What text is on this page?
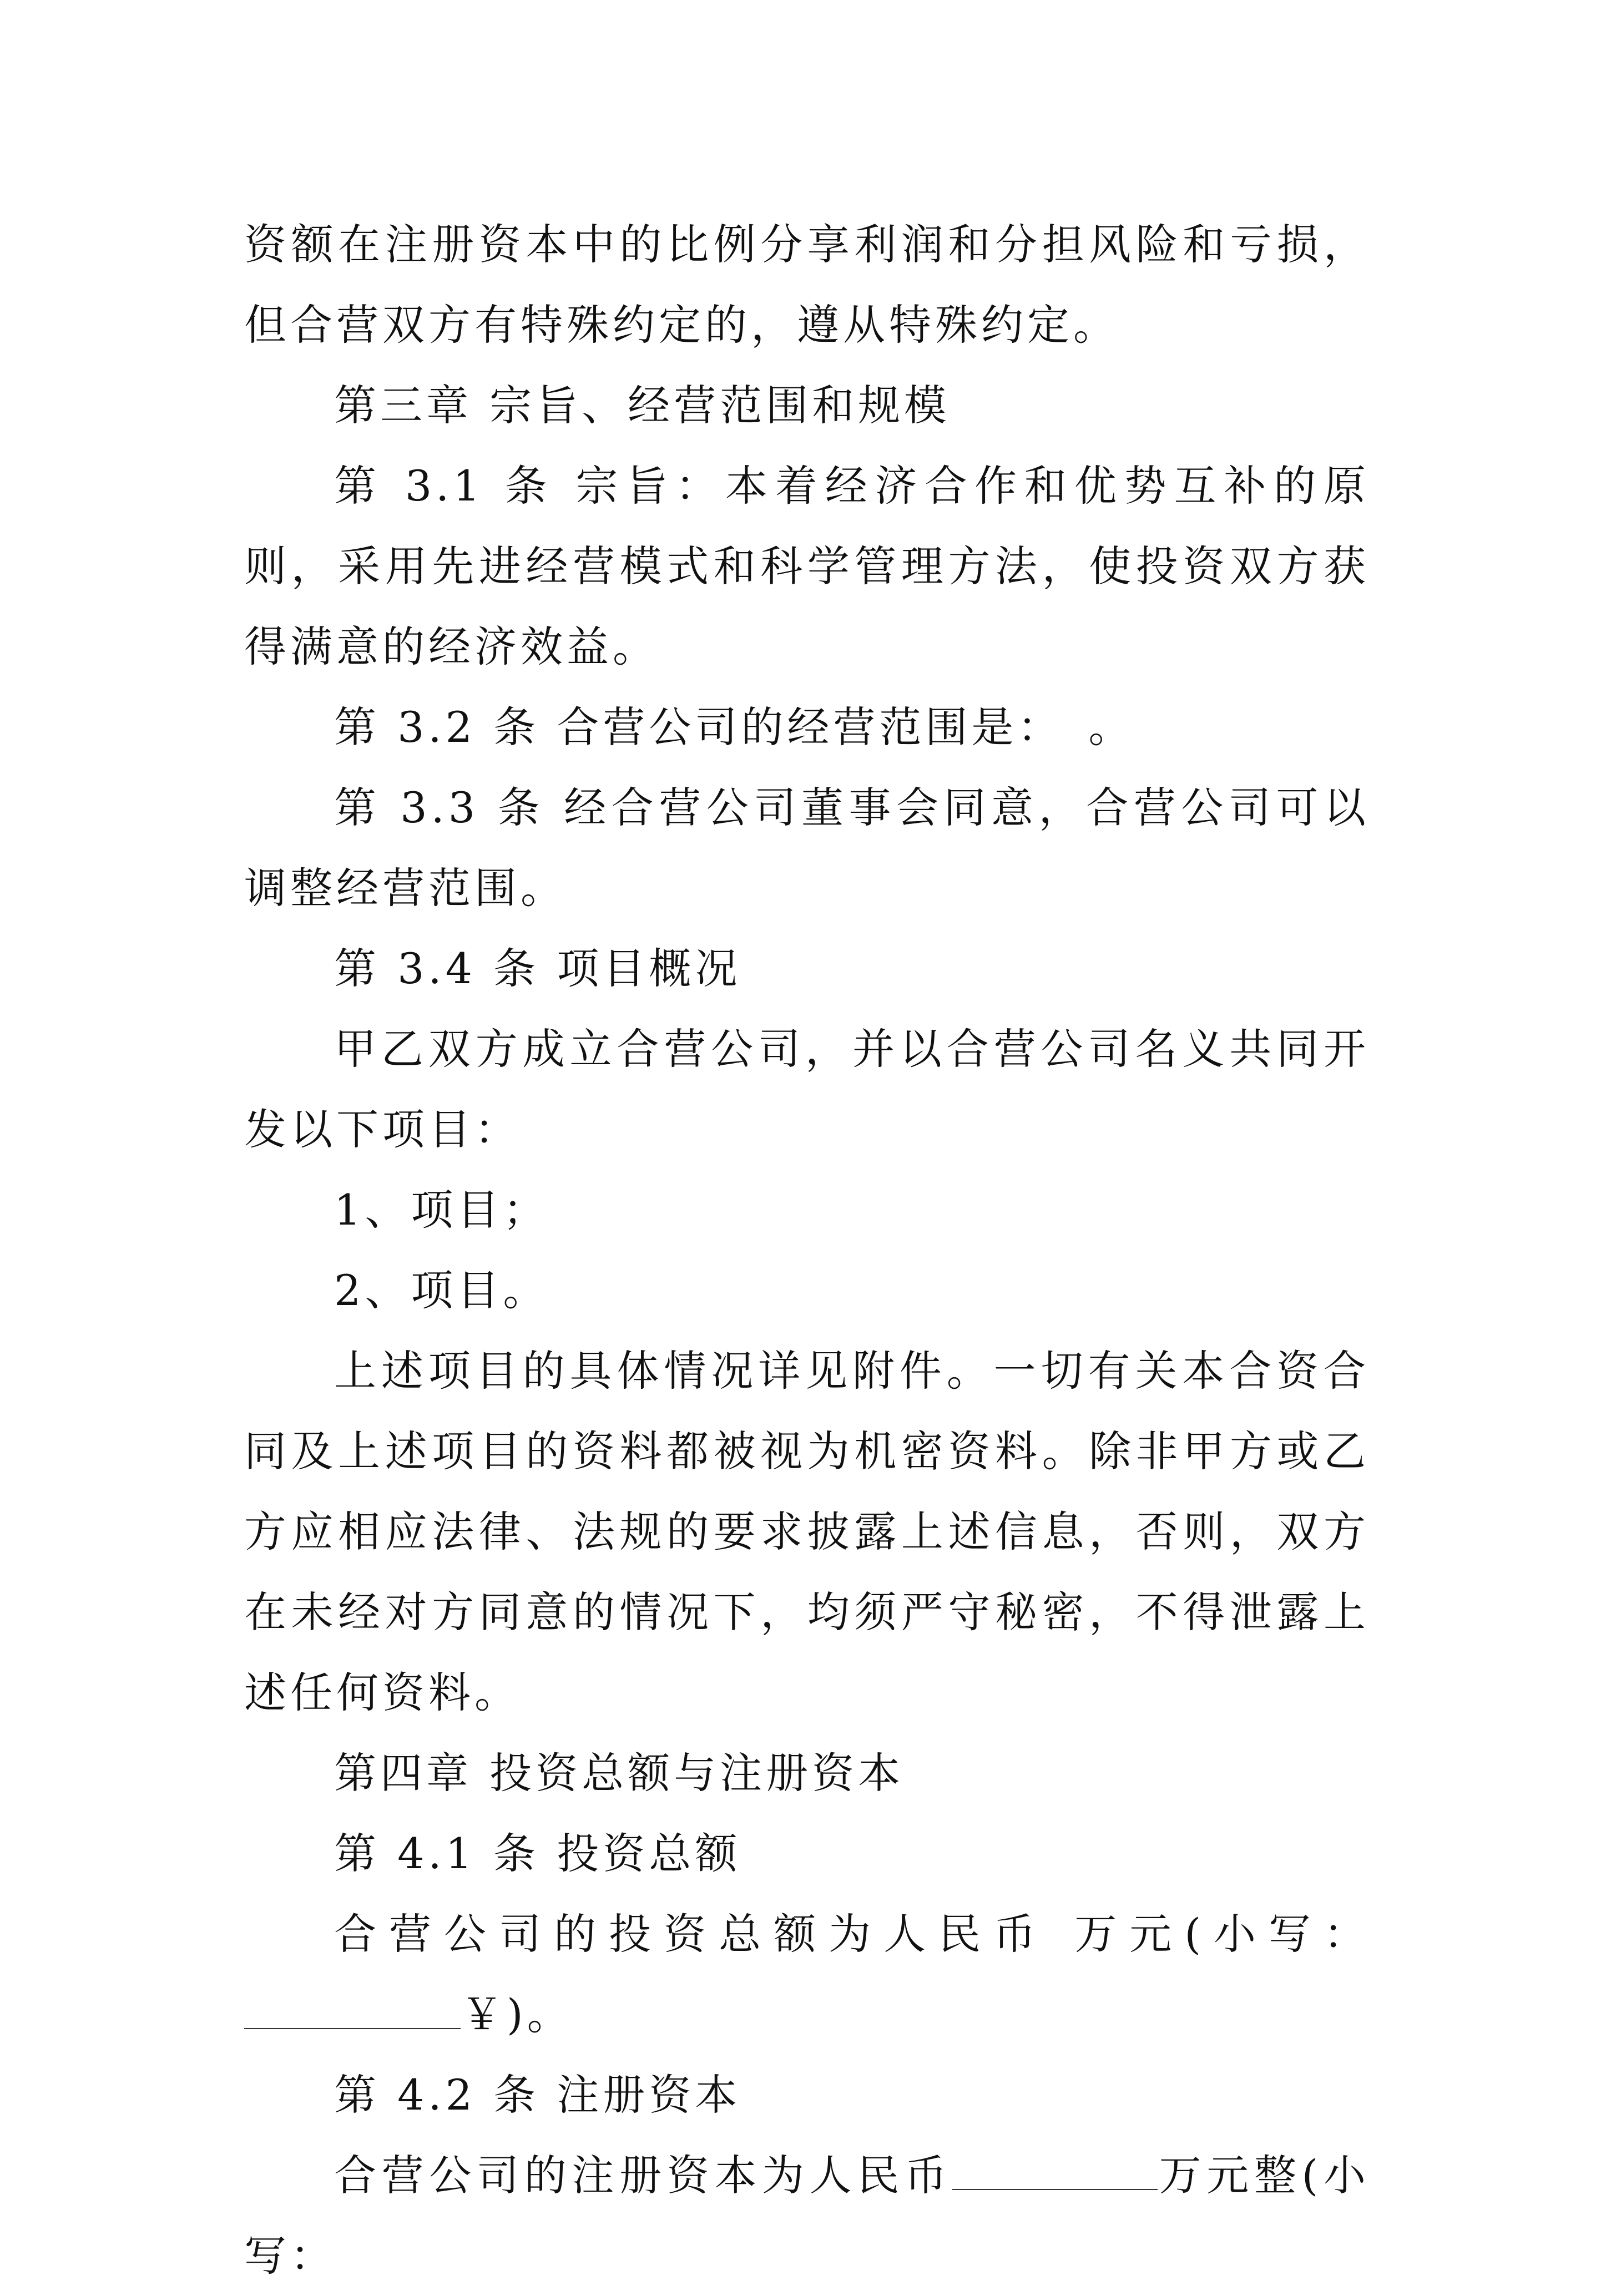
资额在注册资本中的比例分享利润和分担风险和亏损，但合营双方有特殊约定的，遵从特殊约定。

第三章 宗旨、经营范围和规模

第 3.1 条 宗旨：本着经济合作和优势互补的原则，采用先进经营模式和科学管理方法，使投资双方获得满意的经济效益。

第 3.2 条 合营公司的经营范围是：　。

第 3.3 条 经合营公司董事会同意，合营公司可以调整经营范围。

第 3.4 条 项目概况

甲乙双方成立合营公司，并以合营公司名义共同开发以下项目：

1、项目；

2、项目。

上述项目的具体情况详见附件。一切有关本合资合同及上述项目的资料都被视为机密资料。除非甲方或乙方应相应法律、法规的要求披露上述信息，否则，双方在未经对方同意的情况下，均须严守秘密，不得泄露上述任何资料。

第四章 投资总额与注册资本

第 4.1 条 投资总额

合营公司的投资总额为人民币 万元(小写：￥)。

第 4.2 条 注册资本

合营公司的注册资本为人民币	万元整(小写：
